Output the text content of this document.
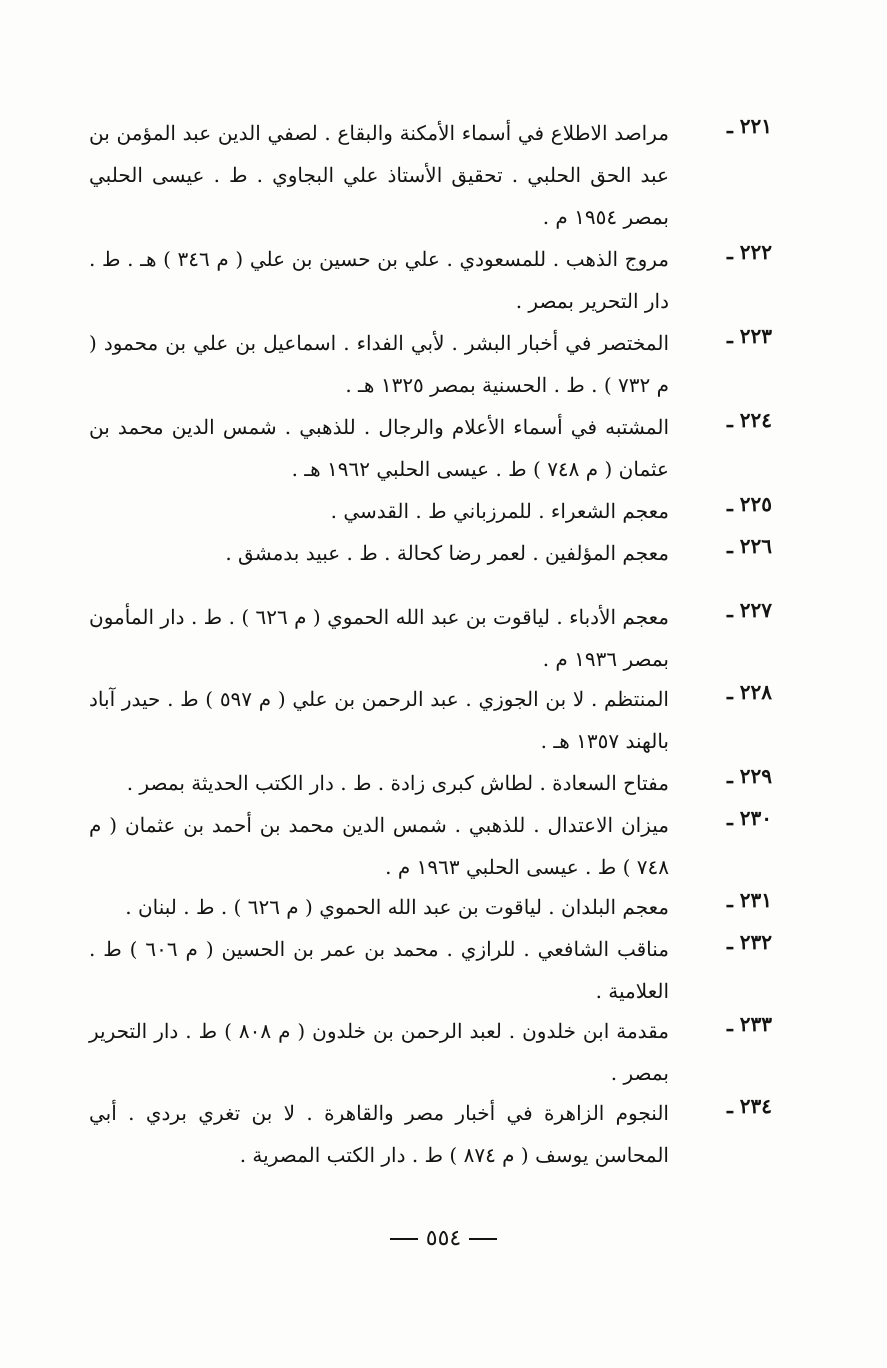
٢٢١ ـ
مراصد الاطلاع في أسماء الأمكنة والبقاع . لصفي الدين عبد المؤمن بن عبد الحق الحلبي . تحقيق الأستاذ علي البجاوي . ط . عيسى الحلبي بمصر ١٩٥٤ م .
٢٢٢ ـ
مروج الذهب . للمسعودي . علي بن حسين بن علي ( م ٣٤٦ ) هـ . ط . دار التحرير بمصر .
٢٢٣ ـ
المختصر في أخبار البشر . لأبي الفداء . اسماعيل بن علي بن محمود ( م ٧٣٢ ) . ط . الحسنية بمصر ١٣٢٥ هـ .
٢٢٤ ـ
المشتبه في أسماء الأعلام والرجال . للذهبي . شمس الدين محمد بن عثمان ( م ٧٤٨ ) ط . عيسى الحلبي ١٩٦٢ هـ .
٢٢٥ ـ
معجم الشعراء . للمرزباني ط . القدسي .
٢٢٦ ـ
معجم المؤلفين . لعمر رضا كحالة . ط . عبيد بدمشق .
٢٢٧ ـ
معجم الأدباء . لياقوت بن عبد الله الحموي ( م ٦٢٦ ) . ط . دار المأمون بمصر ١٩٣٦ م .
٢٢٨ ـ
المنتظم . لا بن الجوزي . عبد الرحمن بن علي ( م ٥٩٧ ) ط . حيدر آباد بالهند ١٣٥٧ هـ .
٢٢٩ ـ
مفتاح السعادة . لطاش كبرى زادة . ط . دار الكتب الحديثة بمصر .
٢٣٠ ـ
ميزان الاعتدال . للذهبي . شمس الدين محمد بن أحمد بن عثمان ( م ٧٤٨ ) ط . عيسى الحلبي ١٩٦٣ م .
٢٣١ ـ
معجم البلدان . لياقوت بن عبد الله الحموي ( م ٦٢٦ ) . ط . لبنان .
٢٣٢ ـ
مناقب الشافعي . للرازي . محمد بن عمر بن الحسين ( م ٦٠٦ ) ط . العلامية .
٢٣٣ ـ
مقدمة ابن خلدون . لعبد الرحمن بن خلدون ( م ٨٠٨ ) ط . دار التحرير بمصر .
٢٣٤ ـ
النجوم الزاهرة في أخبار مصر والقاهرة . لا بن تغري بردي . أبي المحاسن يوسف ( م ٨٧٤ ) ط . دار الكتب المصرية .
٥٥٤
